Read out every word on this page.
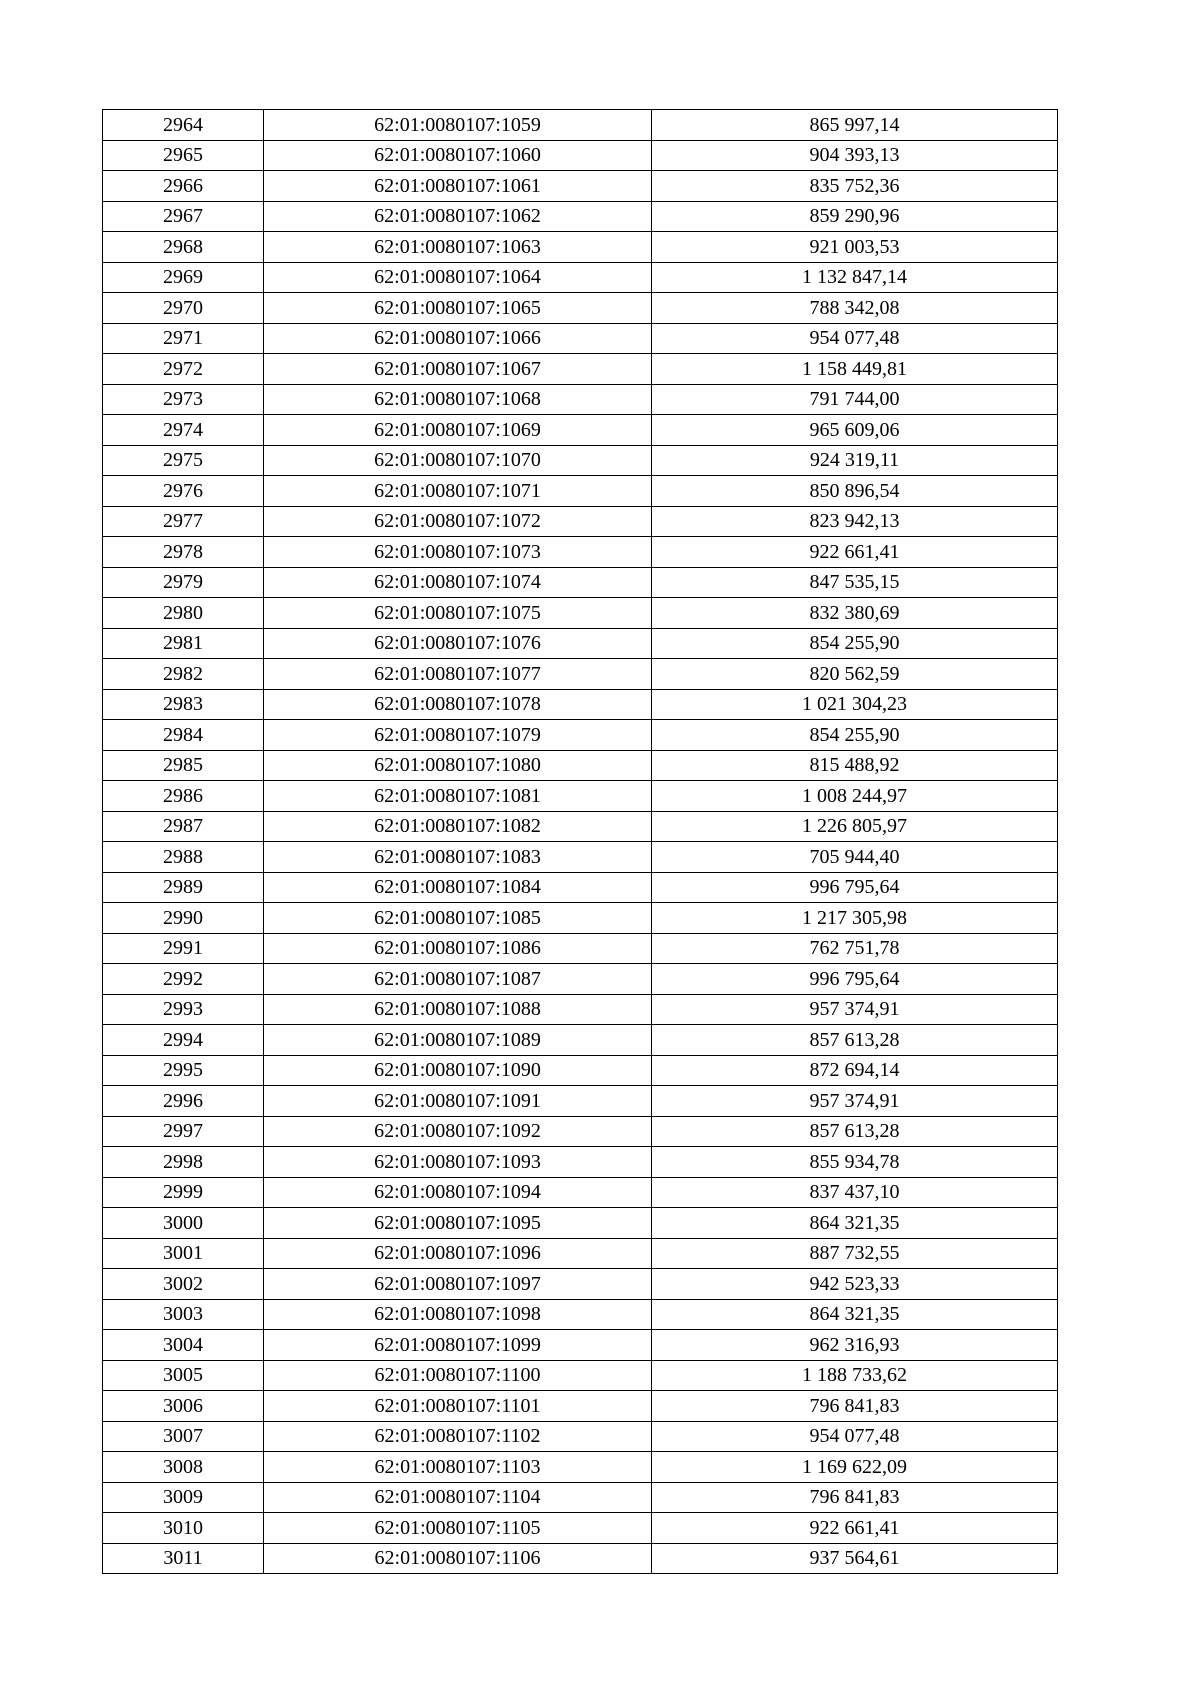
2964	62:01:0080107:1059	865 997,14
2965	62:01:0080107:1060	904 393,13
2966	62:01:0080107:1061	835 752,36
2967	62:01:0080107:1062	859 290,96
2968	62:01:0080107:1063	921 003,53
2969	62:01:0080107:1064	1 132 847,14
2970	62:01:0080107:1065	788 342,08
2971	62:01:0080107:1066	954 077,48
2972	62:01:0080107:1067	1 158 449,81
2973	62:01:0080107:1068	791 744,00
2974	62:01:0080107:1069	965 609,06
2975	62:01:0080107:1070	924 319,11
2976	62:01:0080107:1071	850 896,54
2977	62:01:0080107:1072	823 942,13
2978	62:01:0080107:1073	922 661,41
2979	62:01:0080107:1074	847 535,15
2980	62:01:0080107:1075	832 380,69
2981	62:01:0080107:1076	854 255,90
2982	62:01:0080107:1077	820 562,59
2983	62:01:0080107:1078	1 021 304,23
2984	62:01:0080107:1079	854 255,90
2985	62:01:0080107:1080	815 488,92
2986	62:01:0080107:1081	1 008 244,97
2987	62:01:0080107:1082	1 226 805,97
2988	62:01:0080107:1083	705 944,40
2989	62:01:0080107:1084	996 795,64
2990	62:01:0080107:1085	1 217 305,98
2991	62:01:0080107:1086	762 751,78
2992	62:01:0080107:1087	996 795,64
2993	62:01:0080107:1088	957 374,91
2994	62:01:0080107:1089	857 613,28
2995	62:01:0080107:1090	872 694,14
2996	62:01:0080107:1091	957 374,91
2997	62:01:0080107:1092	857 613,28
2998	62:01:0080107:1093	855 934,78
2999	62:01:0080107:1094	837 437,10
3000	62:01:0080107:1095	864 321,35
3001	62:01:0080107:1096	887 732,55
3002	62:01:0080107:1097	942 523,33
3003	62:01:0080107:1098	864 321,35
3004	62:01:0080107:1099	962 316,93
3005	62:01:0080107:1100	1 188 733,62
3006	62:01:0080107:1101	796 841,83
3007	62:01:0080107:1102	954 077,48
3008	62:01:0080107:1103	1 169 622,09
3009	62:01:0080107:1104	796 841,83
3010	62:01:0080107:1105	922 661,41
3011	62:01:0080107:1106	937 564,61
